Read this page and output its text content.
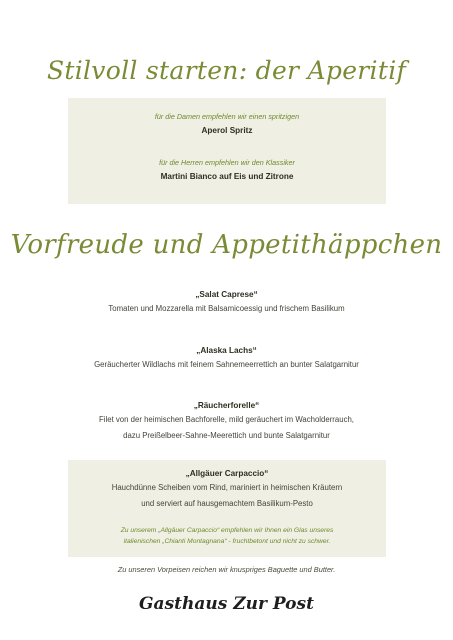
Stilvoll starten: der Aperitif
für die Damen empfehlen wir einen spritzigen
Aperol Spritz
für die Herren empfehlen wir den Klassiker
Martini Bianco auf Eis und Zitrone
Vorfreude und Appetithäppchen
„Salat Caprese“
Tomaten und Mozzarella mit Balsamicoessig und frischem Basilikum
„Alaska Lachs“
Geräucherter Wildlachs mit feinem Sahnemeerrettich an bunter Salatgarnitur
„Räucherforelle“
Filet von der heimischen Bachforelle, mild geräuchert im Wacholderrauch,
dazu Preißelbeer-Sahne-Meerettich und bunte Salatgarnitur
„Allgäuer Carpaccio“
Hauchdünne Scheiben vom Rind, mariniert in heimischen Kräutern
und serviert auf hausgemachtem Basilikum-Pesto
Zu unserem „Allgäuer Carpaccio“ empfehlen wir Ihnen ein Glas unseres
italienischen „Chianti Montagnana“ - fruchtbetont und nicht zu schwer.
Zu unseren Vorpeisen reichen wir knuspriges Baguette und Butter.
Gasthaus Zur Post
